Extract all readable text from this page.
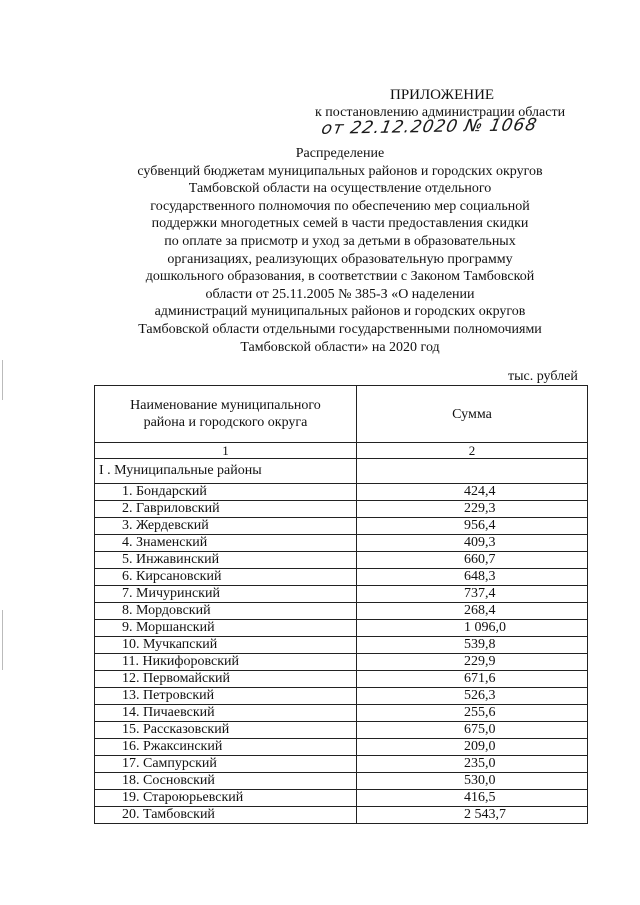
ПРИЛОЖЕНИЕ
к постановлению администрации области
от 22.12.2020 № 1068
Распределение
субвенций бюджетам муниципальных районов и городских округов
Тамбовской области на осуществление отдельного
государственного полномочия по обеспечению мер социальной
поддержки многодетных семей в части предоставления скидки
по оплате за присмотр и уход за детьми в образовательных
организациях, реализующих образовательную программу
дошкольного образования, в соответствии с Законом Тамбовской
области от 25.11.2005 № 385-З «О наделении
администраций муниципальных районов и городских округов
Тамбовской области отдельными государственными полномочиями
Тамбовской области» на 2020 год
тыс. рублей
Наименование муниципального
района и городского округа	Сумма
1	2
I . Муниципальные районы	
1. Бондарский	424,4
2. Гавриловский	229,3
3. Жердевский	956,4
4. Знаменский	409,3
5. Инжавинский	660,7
6. Кирсановский	648,3
7. Мичуринский	737,4
8. Мордовский	268,4
9. Моршанский	1 096,0
10. Мучкапский	539,8
11. Никифоровский	229,9
12. Первомайский	671,6
13. Петровский	526,3
14. Пичаевский	255,6
15. Рассказовский	675,0
16. Ржаксинский	209,0
17. Сампурский	235,0
18. Сосновский	530,0
19. Староюрьевский	416,5
20. Тамбовский	2 543,7
